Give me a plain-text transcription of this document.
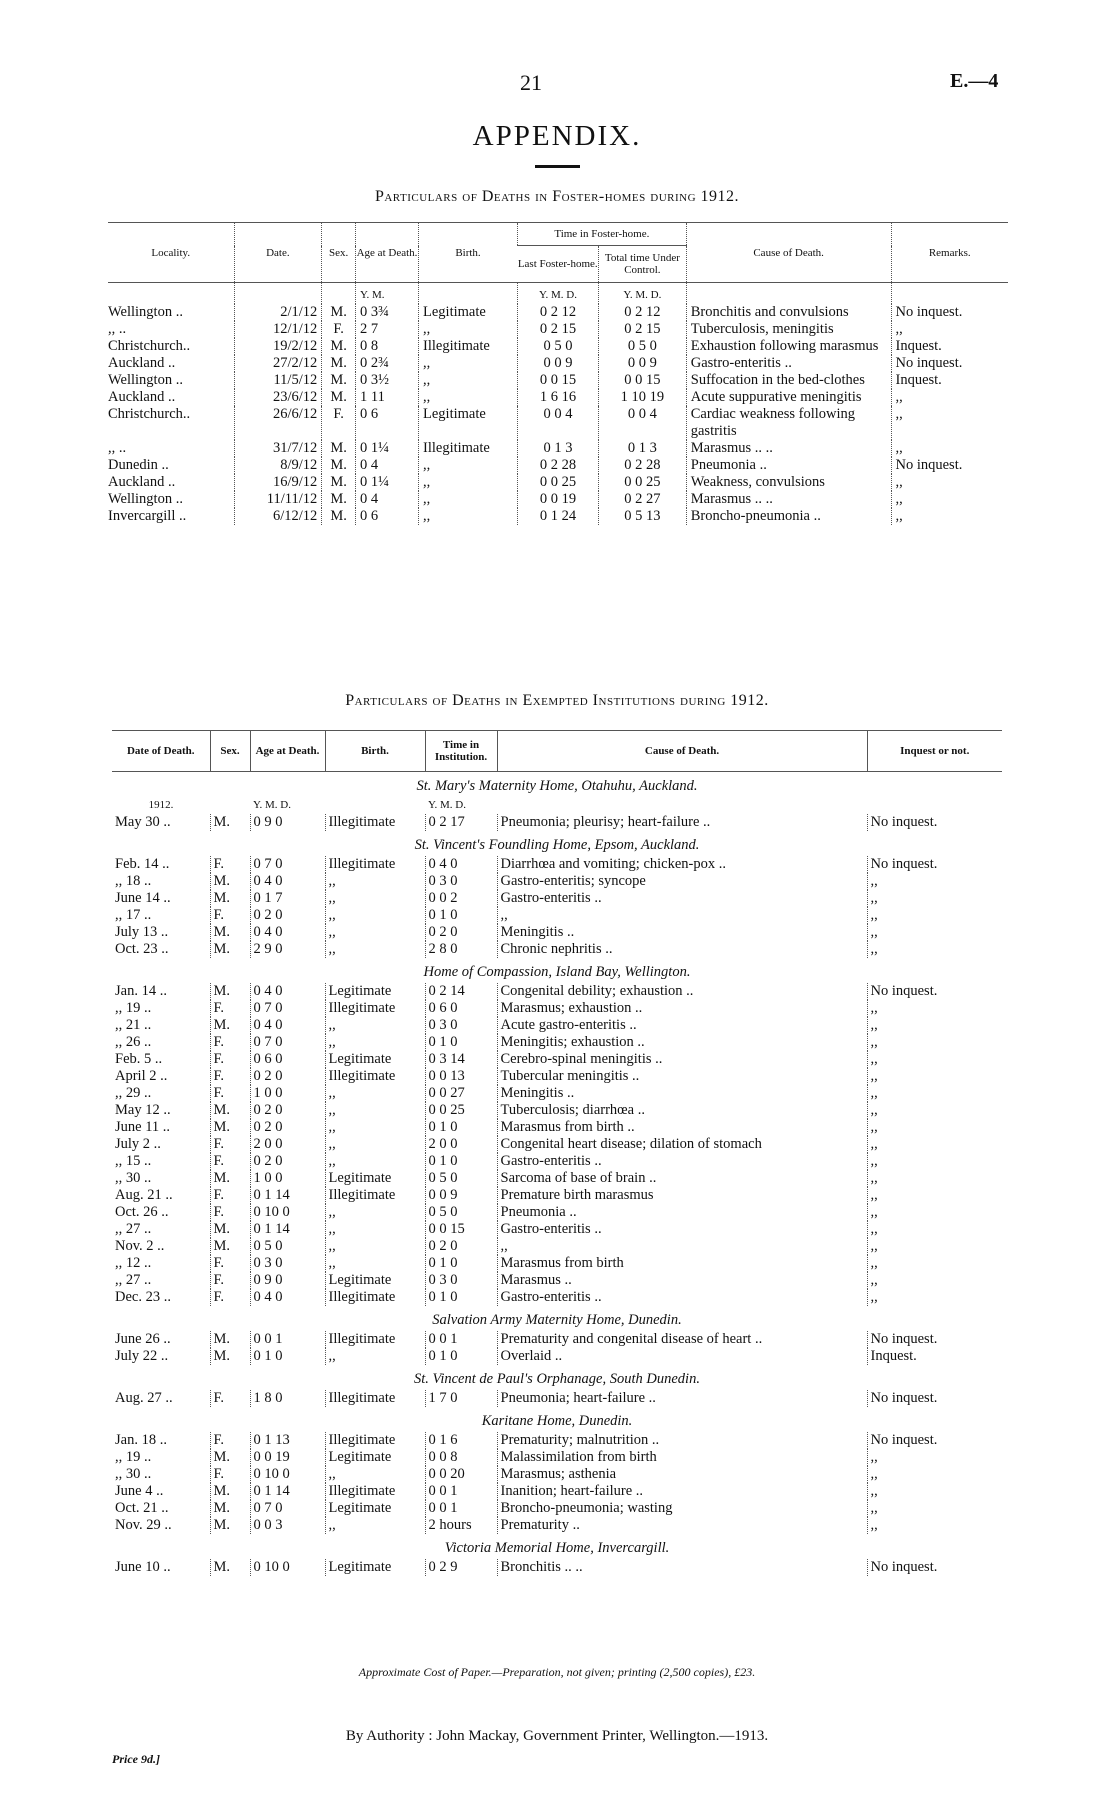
21	E.—4
APPENDIX.
Particulars of Deaths in Foster-homes during 1912.
Locality.	Date.	Sex.	Age at Death.	Birth.	Time in Foster-home.		Cause of Death.	Remarks.
					Last Foster-home.	Total time Under Control.		
			Y. M.		Y. M. D.	Y. M. D.		
Wellington ..	2/1/12	M.	0 3¾	Legitimate	0 2 12	0 2 12	Bronchitis and convulsions	No inquest.
,, ..	12/1/12	F.	2 7	,,	0 2 15	0 2 15	Tuberculosis, meningitis	,,
Christchurch..	19/2/12	M.	0 8	Illegitimate	0 5 0	0 5 0	Exhaustion following marasmus	Inquest.
Auckland ..	27/2/12	M.	0 2¾	,,	0 0 9	0 0 9	Gastro-enteritis ..	No inquest.
Wellington ..	11/5/12	M.	0 3½	,,	0 0 15	0 0 15	Suffocation in the bed-clothes	Inquest.
Auckland ..	23/6/12	M.	1 11	,,	1 6 16	1 10 19	Acute suppurative meningitis	,,
Christchurch..	26/6/12	F.	0 6	Legitimate	0 0 4	0 0 4	Cardiac weakness following gastritis	,,
,, ..	31/7/12	M.	0 1¼	Illegitimate	0 1 3	0 1 3	Marasmus .. ..	,,
Dunedin ..	8/9/12	M.	0 4	,,	0 2 28	0 2 28	Pneumonia ..	No inquest.
Auckland ..	16/9/12	M.	0 1¼	,,	0 0 25	0 0 25	Weakness, convulsions	,,
Wellington ..	11/11/12	M.	0 4	,,	0 0 19	0 2 27	Marasmus .. ..	,,
Invercargill ..	6/12/12	M.	0 6	,,	0 1 24	0 5 13	Broncho-pneumonia ..	,,
Particulars of Deaths in Exempted Institutions during 1912.
Date of Death.	Sex.	Age at Death.	Birth.	Time in Institution.	Cause of Death.	Inquest or not.
St. Mary's Maternity Home, Otahuhu, Auckland.						
1912.		Y. M. D.		Y. M. D.		
May 30 ..	M.	0 9 0	Illegitimate	0 2 17	Pneumonia; pleurisy; heart-failure ..	No inquest.
St. Vincent's Foundling Home, Epsom, Auckland.						
Feb. 14 ..	F.	0 7 0	Illegitimate	0 4 0	Diarrhœa and vomiting; chicken-pox ..	No inquest.
,, 18 ..	M.	0 4 0	,,	0 3 0	Gastro-enteritis; syncope	,,
June 14 ..	M.	0 1 7	,,	0 0 2	Gastro-enteritis ..	,,
,, 17 ..	F.	0 2 0	,,	0 1 0	,,	,,
July 13 ..	M.	0 4 0	,,	0 2 0	Meningitis ..	,,
Oct. 23 ..	M.	2 9 0	,,	2 8 0	Chronic nephritis ..	,,
Home of Compassion, Island Bay, Wellington.						
Jan. 14 ..	M.	0 4 0	Legitimate	0 2 14	Congenital debility; exhaustion ..	No inquest.
,, 19 ..	F.	0 7 0	Illegitimate	0 6 0	Marasmus; exhaustion ..	,,
,, 21 ..	M.	0 4 0	,,	0 3 0	Acute gastro-enteritis ..	,,
,, 26 ..	F.	0 7 0	,,	0 1 0	Meningitis; exhaustion ..	,,
Feb. 5 ..	F.	0 6 0	Legitimate	0 3 14	Cerebro-spinal meningitis ..	,,
April 2 ..	F.	0 2 0	Illegitimate	0 0 13	Tubercular meningitis ..	,,
,, 29 ..	F.	1 0 0	,,	0 0 27	Meningitis ..	,,
May 12 ..	M.	0 2 0	,,	0 0 25	Tuberculosis; diarrhœa ..	,,
June 11 ..	M.	0 2 0	,,	0 1 0	Marasmus from birth ..	,,
July 2 ..	F.	2 0 0	,,	2 0 0	Congenital heart disease; dilation of stomach	,,
,, 15 ..	F.	0 2 0	,,	0 1 0	Gastro-enteritis ..	,,
,, 30 ..	M.	1 0 0	Legitimate	0 5 0	Sarcoma of base of brain ..	,,
Aug. 21 ..	F.	0 1 14	Illegitimate	0 0 9	Premature birth marasmus	,,
Oct. 26 ..	F.	0 10 0	,,	0 5 0	Pneumonia ..	,,
,, 27 ..	M.	0 1 14	,,	0 0 15	Gastro-enteritis ..	,,
Nov. 2 ..	M.	0 5 0	,,	0 2 0	,,	,,
,, 12 ..	F.	0 3 0	,,	0 1 0	Marasmus from birth	,,
,, 27 ..	F.	0 9 0	Legitimate	0 3 0	Marasmus ..	,,
Dec. 23 ..	F.	0 4 0	Illegitimate	0 1 0	Gastro-enteritis ..	,,
Salvation Army Maternity Home, Dunedin.						
June 26 ..	M.	0 0 1	Illegitimate	0 0 1	Prematurity and congenital disease of heart ..	No inquest.
July 22 ..	M.	0 1 0	,,	0 1 0	Overlaid ..	Inquest.
St. Vincent de Paul's Orphanage, South Dunedin.						
Aug. 27 ..	F.	1 8 0	Illegitimate	1 7 0	Pneumonia; heart-failure ..	No inquest.
Karitane Home, Dunedin.						
Jan. 18 ..	F.	0 1 13	Illegitimate	0 1 6	Prematurity; malnutrition ..	No inquest.
,, 19 ..	M.	0 0 19	Legitimate	0 0 8	Malassimilation from birth	,,
,, 30 ..	F.	0 10 0	,,	0 0 20	Marasmus; asthenia	,,
June 4 ..	M.	0 1 14	Illegitimate	0 0 1	Inanition; heart-failure ..	,,
Oct. 21 ..	M.	0 7 0	Legitimate	0 0 1	Broncho-pneumonia; wasting	,,
Nov. 29 ..	M.	0 0 3	,,	2 hours	Prematurity ..	,,
Victoria Memorial Home, Invercargill.						
June 10 ..	M.	0 10 0	Legitimate	0 2 9	Bronchitis .. ..	No inquest.
Approximate Cost of Paper.—Preparation, not given; printing (2,500 copies), £23.
By Authority : John Mackay, Government Printer, Wellington.—1913.
Price 9d.]
